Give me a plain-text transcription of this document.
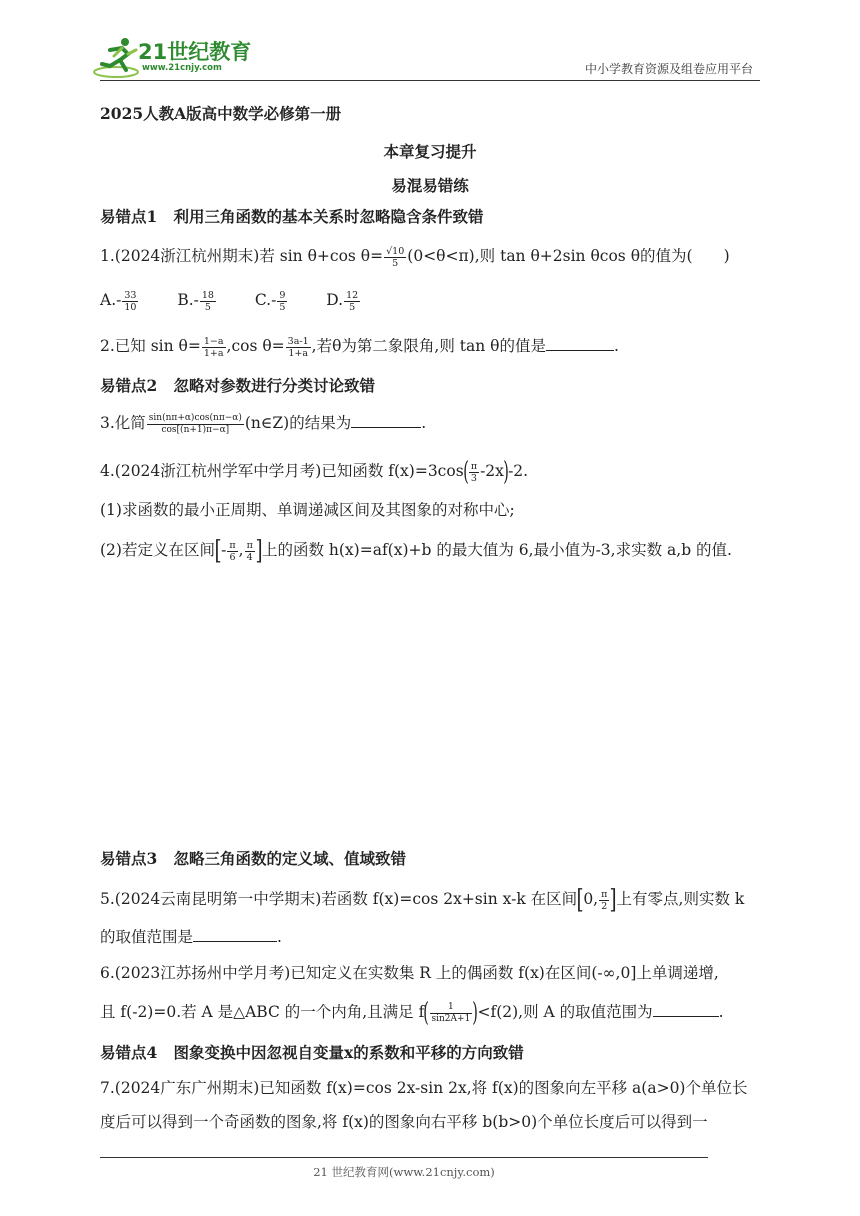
21世纪教育
www.21cnjy.com	中小学教育资源及组卷应用平台
2025人教A版高中数学必修第一册
本章复习提升
易混易错练
易错点1 利用三角函数的基本关系时忽略隐含条件致错
1.(2024浙江杭州期末)若 sin θ+cos $\theta= \frac{√10}{5} (0<\theta<\pi)$,则 tan θ+2sin θcos θ的值为(　　)
$A.- \frac{33}{10}$	$B.- \frac{18}{5}$	$C.- \frac{9}{5}$	D. $\frac{12}{5}$
2.已知 $\sin \theta= \frac{1-a}{1+a} ,\cos$ $\theta= \frac{3a-1}{1+a}$ ,若θ为第二象限角,则 tan θ的值是	.
易错点2 忽略对参数进行分类讨论致错
3.化简 $\frac{\sin(n\pi+\alpha)\cos(n\pi-\alpha)}{\cos[(n+1)\pi-\alpha]}$ (n∈Z)的结果为	.
4.(2024浙江杭州学军中学月考)已知函数 $f(x)=3\cos( \frac{\pi}{3} -2x)-2$.
(1)求函数的最小正周期、单调递减区间及其图象的对称中心;
(2)若定义在区间[- $\frac{\pi}{6}$ , $\frac{\pi}{4}$ ]上的函数 h(x)=af(x)+b 的最大值为 6,最小值为-3,求实数 a,b 的值.
易错点3 忽略三角函数的定义域、值域致错
5.(2024云南昆明第一中学期末)若函数 f(x)=cos 2x+sin x-k 在区间[0, $\frac{\pi}{2}$ ]上有零点,则实数 k
的取值范围是	.
6.(2023江苏扬州中学月考)已知定义在实数集 R 上的偶函数 f(x)在区间(-∞,0]上单调递增,
且 f(-2)=0.若 A 是△ABC 的一个内角,且满足 $f( \frac{1}{\sin 2A+1} )<f(2)$,则 A 的取值范围为	.
易错点4 图象变换中因忽视自变量x的系数和平移的方向致错
7.(2024广东广州期末)已知函数 f(x)=cos 2x-sin 2x,将 f(x)的图象向左平移 a(a>0)个单位长
度后可以得到一个奇函数的图象,将 f(x)的图象向右平移 b(b>0)个单位长度后可以得到一
21 世纪教育网(www.21cnjy.com)
